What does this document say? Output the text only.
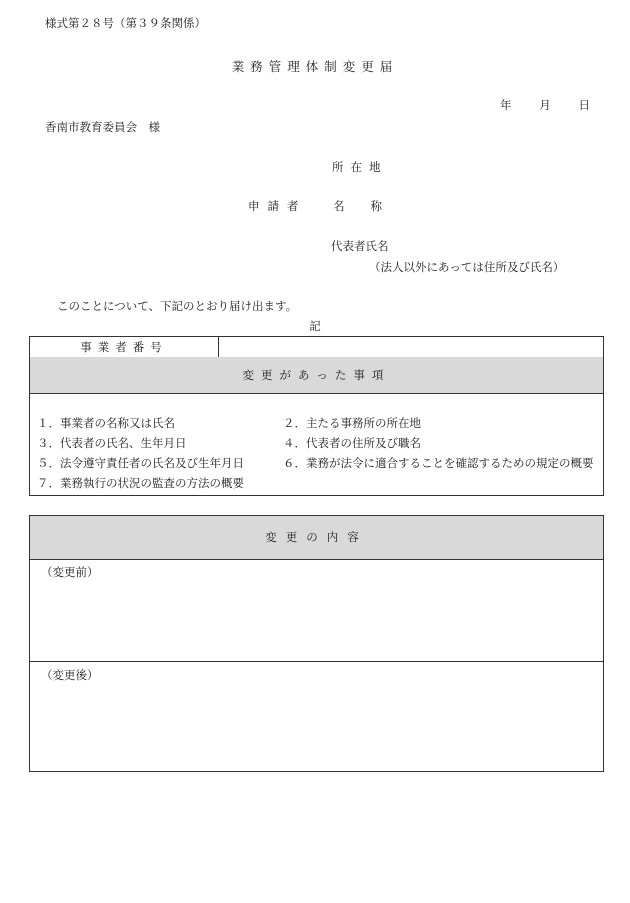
様式第２８号（第３９条関係）
業務管理体制変更届
年 月 日
香南市教育委員会　様
所在地
申請者 名称
代表者氏名
（法人以外にあっては住所及び氏名）
このことについて、下記のとおり届け出ます。
記
事業者番号
変更があった事項
１．事業者の名称又は氏名	２．主たる事務所の所在地
３．代表者の氏名、生年月日	４．代表者の住所及び職名
５．法令遵守責任者の氏名及び生年月日	６．業務が法令に適合することを確認するための規定の概要
７．業務執行の状況の監査の方法の概要
変更の内容
（変更前）
（変更後）
